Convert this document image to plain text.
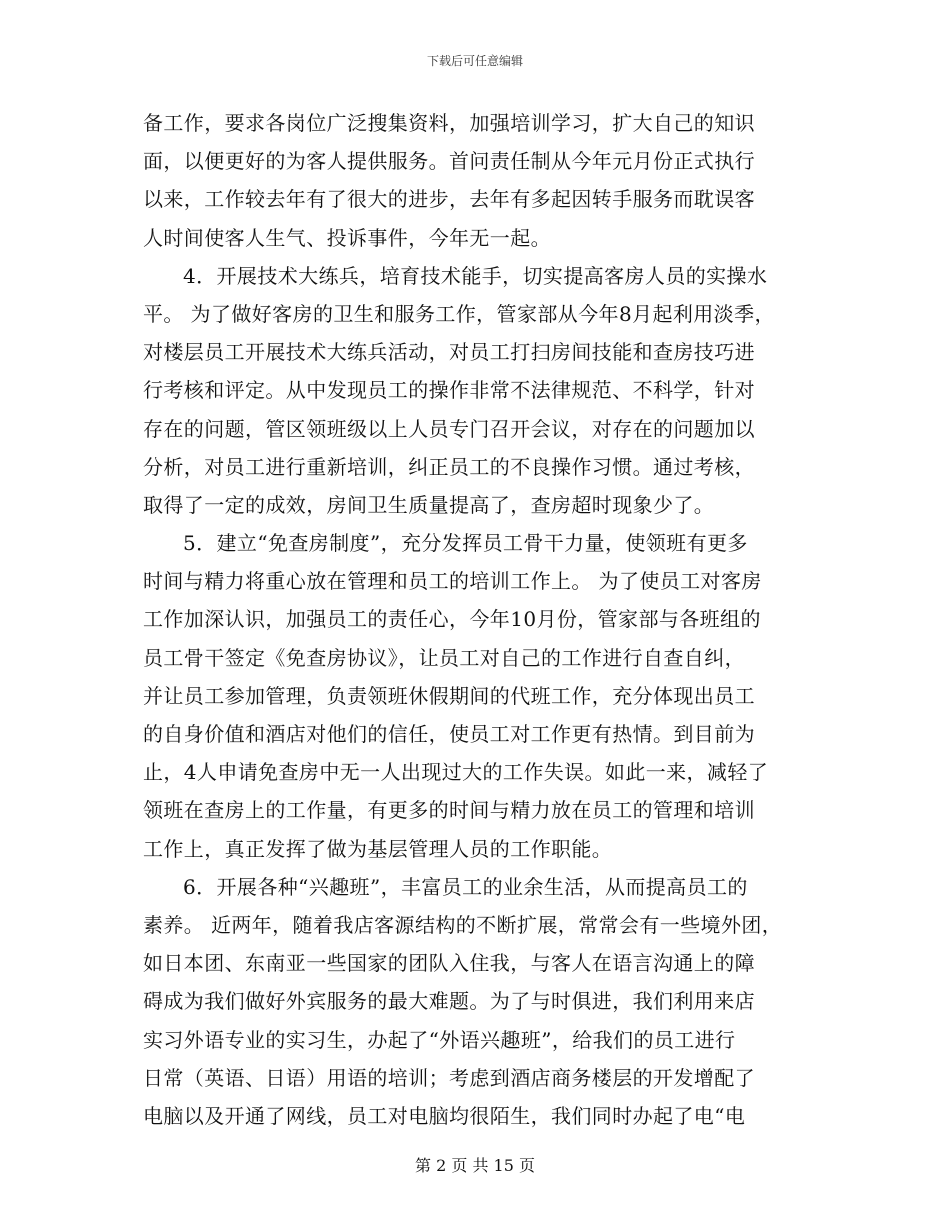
下载后可任意编辑
备工作，要求各岗位广泛搜集资料，加强培训学习，扩大自己的知识
面，以便更好的为客人提供服务。首问责任制从今年元月份正式执行
以来，工作较去年有了很大的进步，去年有多起因转手服务而耽误客
人时间使客人生气、投诉事件，今年无一起。
4．开展技术大练兵，培育技术能手，切实提高客房人员的实操水
平。 为了做好客房的卫生和服务工作，管家部从今年8月起利用淡季，
对楼层员工开展技术大练兵活动，对员工打扫房间技能和查房技巧进
行考核和评定。从中发现员工的操作非常不法律规范、不科学，针对
存在的问题，管区领班级以上人员专门召开会议，对存在的问题加以
分析，对员工进行重新培训，纠正员工的不良操作习惯。通过考核，
取得了一定的成效，房间卫生质量提高了，查房超时现象少了。
5．建立“免查房制度”，充分发挥员工骨干力量，使领班有更多
时间与精力将重心放在管理和员工的培训工作上。 为了使员工对客房
工作加深认识，加强员工的责任心，今年10月份，管家部与各班组的
员工骨干签定《免查房协议》，让员工对自己的工作进行自查自纠，
并让员工参加管理，负责领班休假期间的代班工作，充分体现出员工
的自身价值和酒店对他们的信任，使员工对工作更有热情。到目前为
止，4人申请免查房中无一人出现过大的工作失误。如此一来，减轻了
领班在查房上的工作量，有更多的时间与精力放在员工的管理和培训
工作上，真正发挥了做为基层管理人员的工作职能。
6．开展各种“兴趣班”，丰富员工的业余生活，从而提高员工的
素养。 近两年，随着我店客源结构的不断扩展，常常会有一些境外团，
如日本团、东南亚一些国家的团队入住我，与客人在语言沟通上的障
碍成为我们做好外宾服务的最大难题。为了与时俱进，我们利用来店
实习外语专业的实习生，办起了“外语兴趣班”，给我们的员工进行
日常（英语、日语）用语的培训；考虑到酒店商务楼层的开发增配了
电脑以及开通了网线，员工对电脑均很陌生，我们同时办起了电“电
第 2 页 共 15 页
